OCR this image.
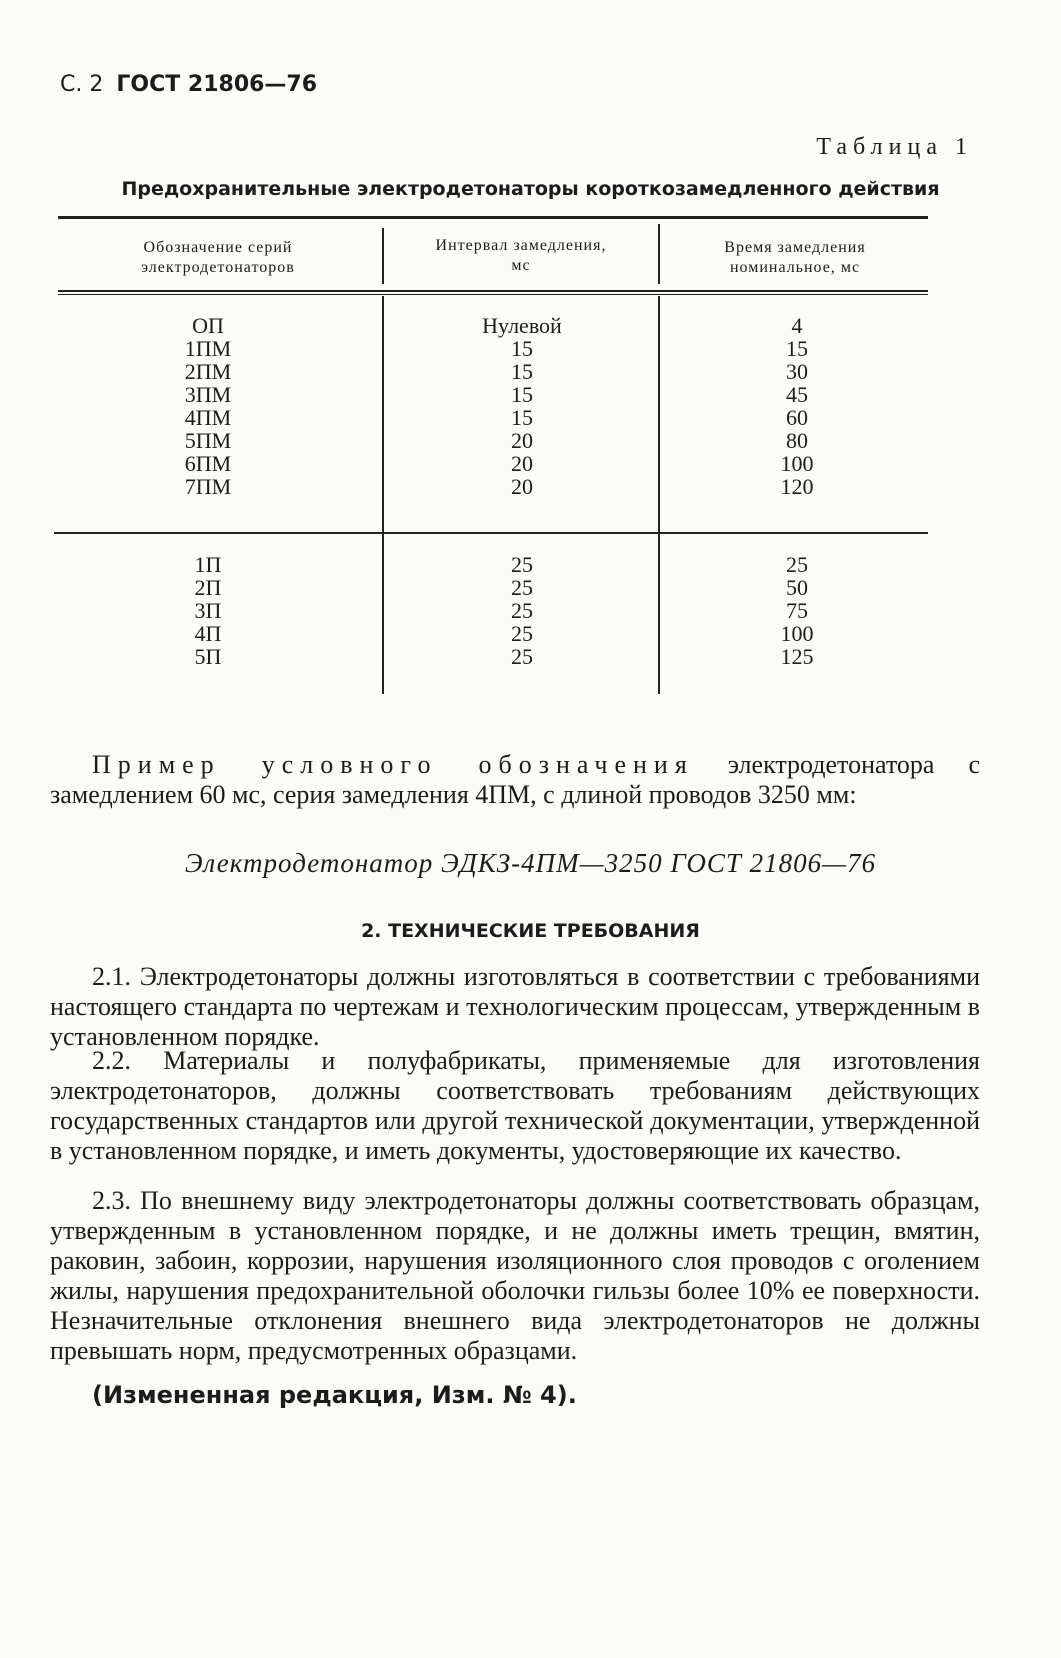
С. 2 ГОСТ 21806—76
Таблица 1
Предохранительные электродетонаторы короткозамедленного действия
Обозначение серий
электродетонаторов
Интервал замедления,
мс
Время замедления
номинальное, мс
ОП
1ПМ
2ПМ
3ПМ
4ПМ
5ПМ
6ПМ
7ПМ
Нулевой
15
15
15
15
20
20
20
4
15
30
45
60
80
100
120
1П
2П
3П
4П
5П
25
25
25
25
25
25
50
75
100
125
Пример условного обозначения электродетонатора с замедлением 60 мс, серия замедления 4ПМ, с длиной проводов 3250 мм:
Электродетонатор ЭДКЗ-4ПМ—3250 ГОСТ 21806—76
2. ТЕХНИЧЕСКИЕ ТРЕБОВАНИЯ
2.1. Электродетонаторы должны изготовляться в соответствии с требованиями настоящего стандарта по чертежам и технологическим процессам, утвержденным в установленном порядке.
2.2. Материалы и полуфабрикаты, применяемые для изготовления электродетонаторов, должны соответствовать требованиям действующих государственных стандартов или другой технической документации, утвержденной в установленном порядке, и иметь документы, удостоверяющие их качество.
2.3. По внешнему виду электродетонаторы должны соответствовать образцам, утвержденным в установленном порядке, и не должны иметь трещин, вмятин, раковин, забоин, коррозии, нарушения изоляционного слоя проводов с оголением жилы, нарушения предохранительной оболочки гильзы более 10% ее поверхности. Незначительные отклонения внешнего вида электродетонаторов не должны превышать норм, предусмотренных образцами.
(Измененная редакция, Изм. № 4).
